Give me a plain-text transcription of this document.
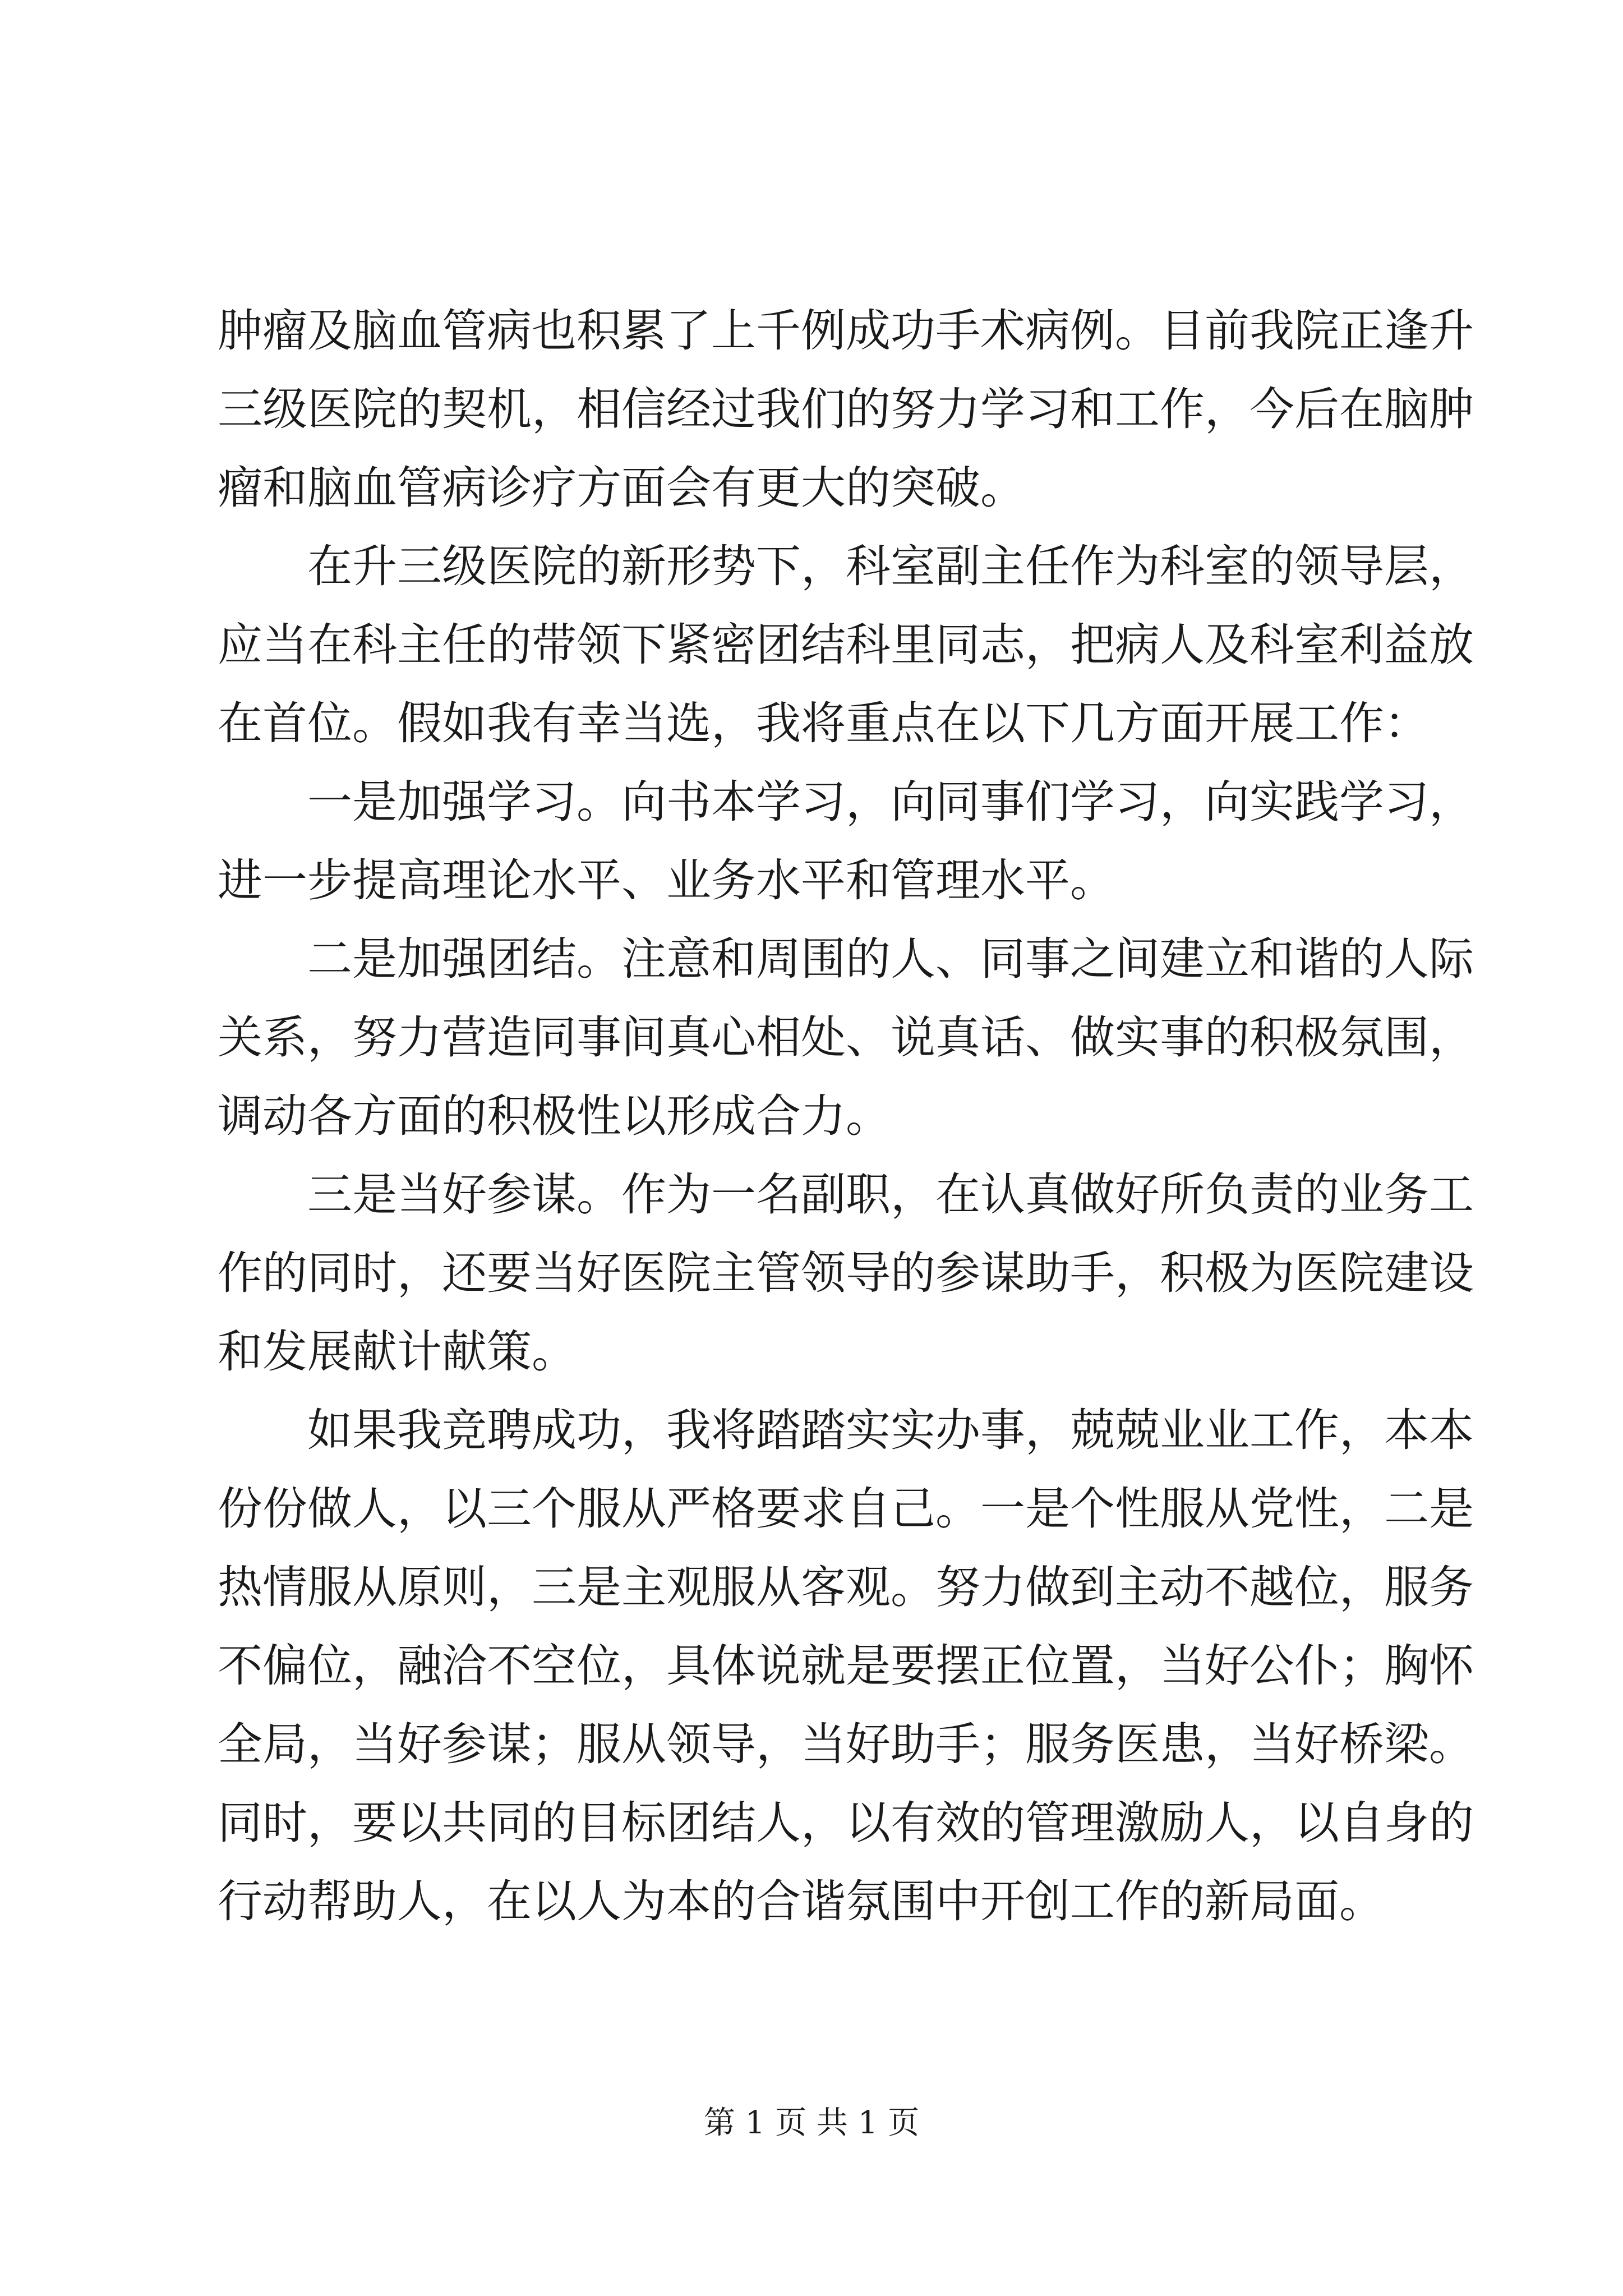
肿瘤及脑血管病也积累了上千例成功手术病例。目前我院正逢升
三级医院的契机，相信经过我们的努力学习和工作，今后在脑肿
瘤和脑血管病诊疗方面会有更大的突破。
在升三级医院的新形势下，科室副主任作为科室的领导层，
应当在科主任的带领下紧密团结科里同志，把病人及科室利益放
在首位。假如我有幸当选，我将重点在以下几方面开展工作：
一是加强学习。向书本学习，向同事们学习，向实践学习，
进一步提高理论水平、业务水平和管理水平。
二是加强团结。注意和周围的人、同事之间建立和谐的人际
关系，努力营造同事间真心相处、说真话、做实事的积极氛围，
调动各方面的积极性以形成合力。
三是当好参谋。作为一名副职，在认真做好所负责的业务工
作的同时，还要当好医院主管领导的参谋助手，积极为医院建设
和发展献计献策。
如果我竞聘成功，我将踏踏实实办事，兢兢业业工作，本本
份份做人，以三个服从严格要求自己。一是个性服从党性，二是
热情服从原则，三是主观服从客观。努力做到主动不越位，服务
不偏位，融洽不空位，具体说就是要摆正位置，当好公仆；胸怀
全局，当好参谋；服从领导，当好助手；服务医患，当好桥梁。
同时，要以共同的目标团结人，以有效的管理激励人，以自身的
行动帮助人，在以人为本的合谐氛围中开创工作的新局面。
第 1 页 共 1 页
